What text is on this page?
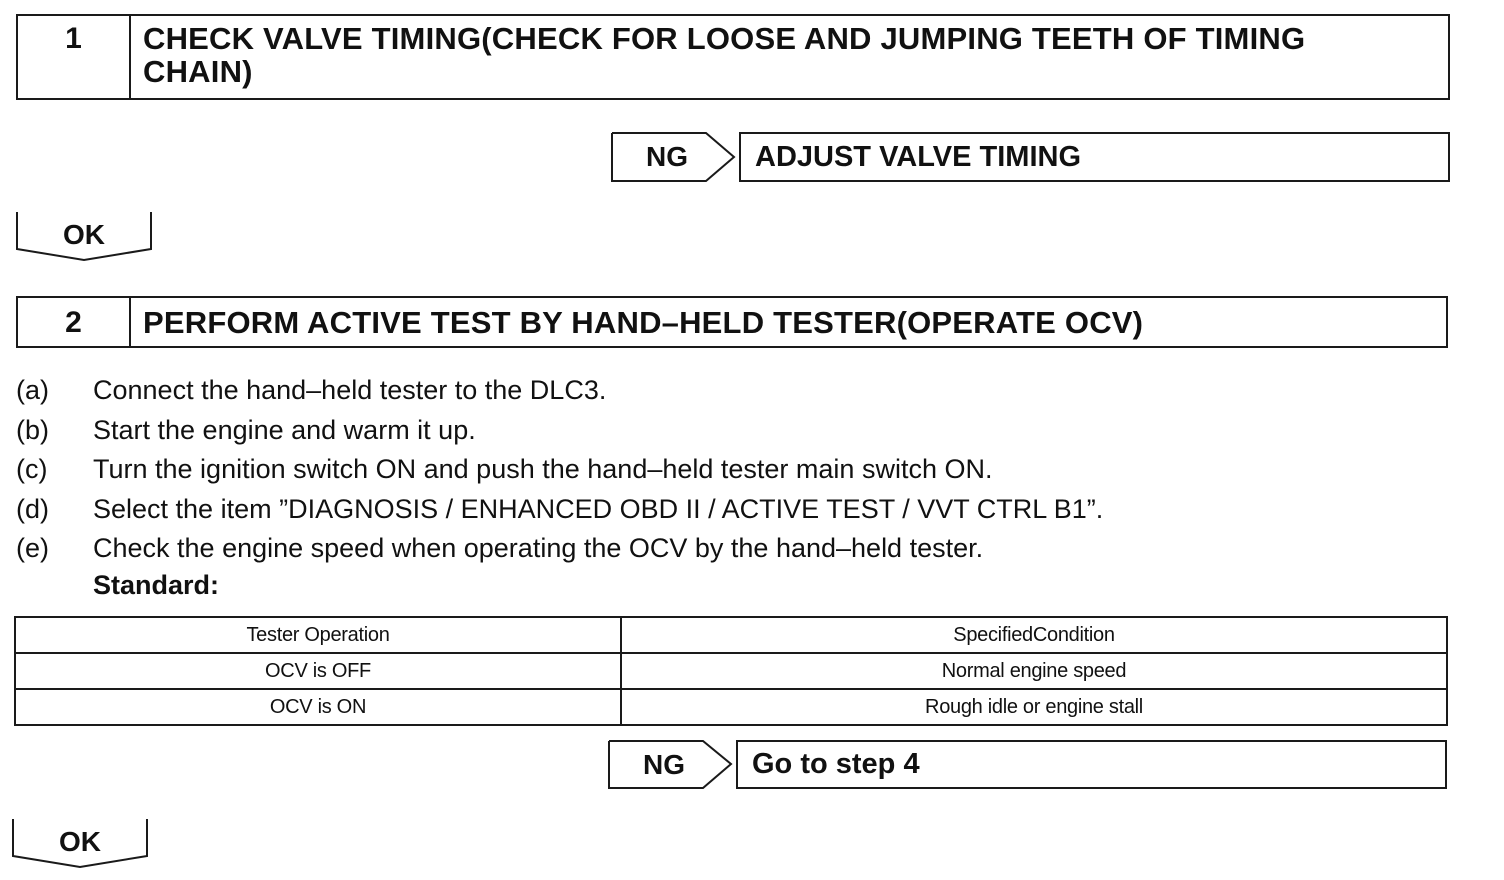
1	CHECK VALVE TIMING(CHECK FOR LOOSE AND JUMPING TEETH OF TIMING
CHAIN)
NG	ADJUST VALVE TIMING
OK
2	PERFORM ACTIVE TEST BY HAND–HELD TESTER(OPERATE OCV)
(a)	Connect the hand–held tester to the DLC3.
(b)	Start the engine and warm it up.
(c)	Turn the ignition switch ON and push the hand–held tester main switch ON.
(d)	Select the item ”DIAGNOSIS / ENHANCED OBD II / ACTIVE TEST / VVT CTRL B1”.
(e)	Check the engine speed when operating the OCV by the hand–held tester.
Standard:
Tester Operation	SpecifiedCondition
OCV is OFF	Normal engine speed
OCV is ON	Rough idle or engine stall
NG	Go to step 4
OK
